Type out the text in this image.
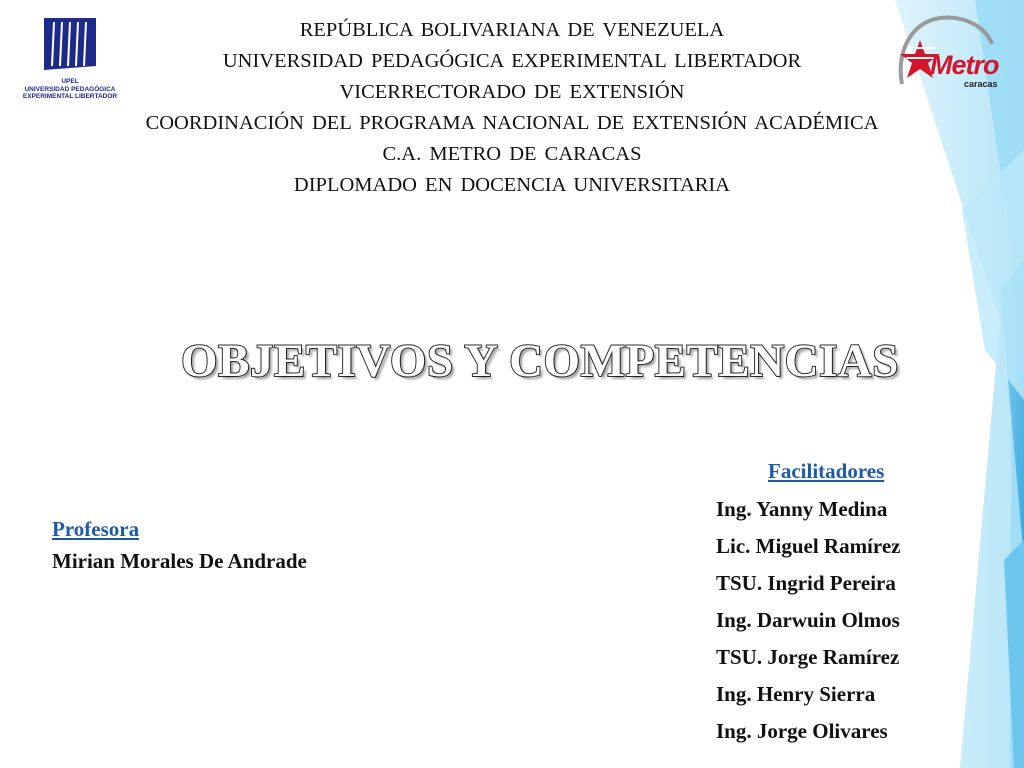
UPEL
UNIVERSIDAD PEDAGÓGICA
EXPERIMENTAL LIBERTADOR
Metro
caracas
REPÚBLICA BOLIVARIANA DE VENEZUELA
UNIVERSIDAD PEDAGÓGICA EXPERIMENTAL LIBERTADOR
VICERRECTORADO DE EXTENSIÓN
COORDINACIÓN DEL PROGRAMA NACIONAL DE EXTENSIÓN ACADÉMICA
C.A. METRO DE CARACAS
DIPLOMADO EN DOCENCIA UNIVERSITARIA
OBJETIVOS Y COMPETENCIAS
Profesora
Mirian Morales De Andrade
Facilitadores
Ing. Yanny Medina
Lic. Miguel Ramírez
TSU. Ingrid Pereira
Ing. Darwuin Olmos
TSU. Jorge Ramírez
Ing. Henry Sierra
Ing. Jorge Olivares
